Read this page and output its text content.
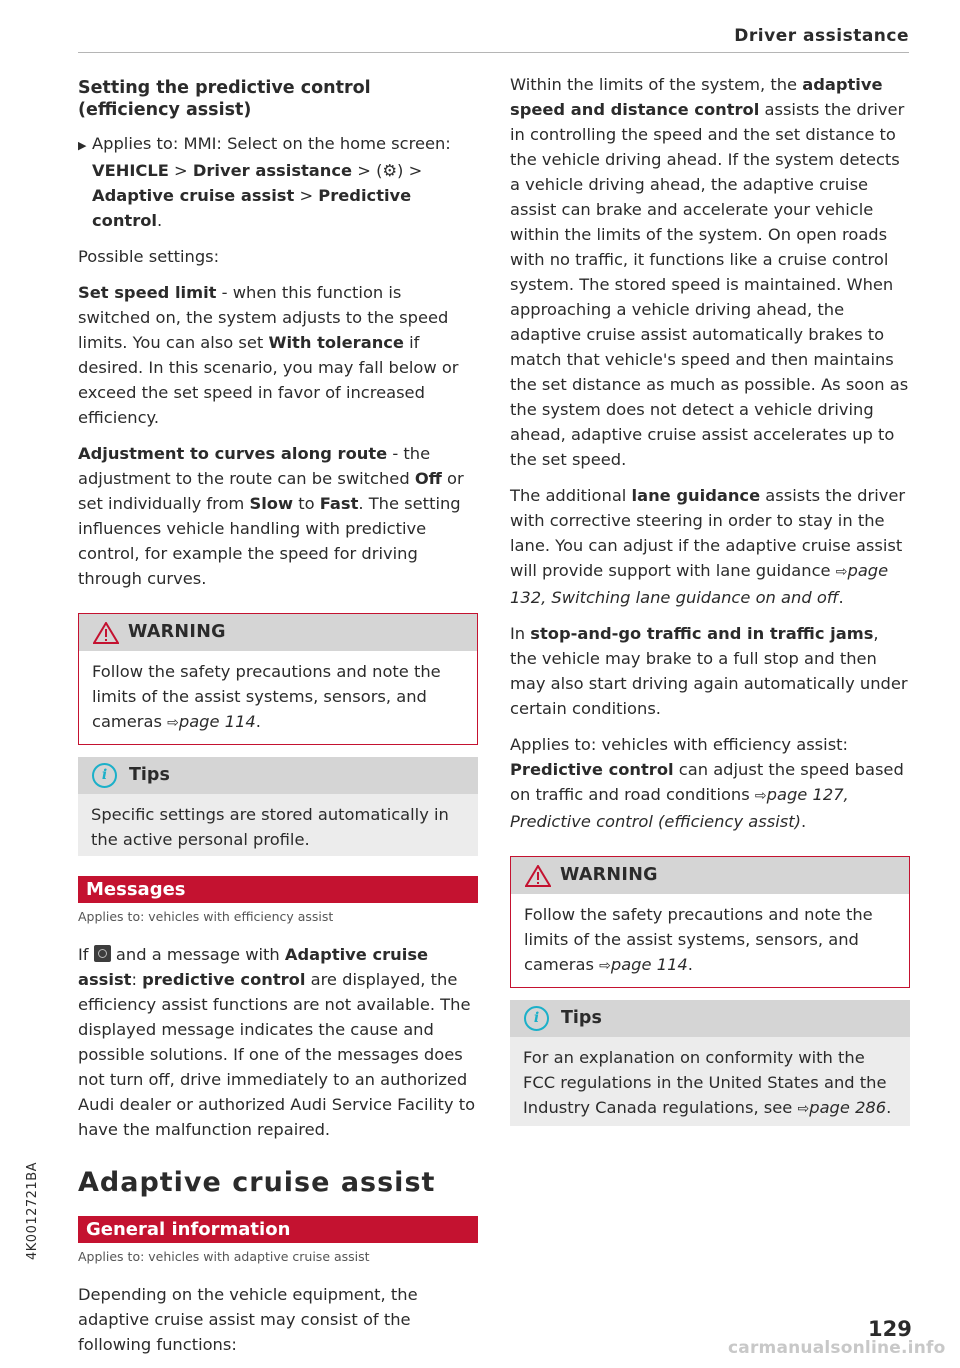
Driver assistance
Setting the predictive control (efficiency assist)

▶ Applies to: MMI: Select on the home screen: VEHICLE > Driver assistance > (⚙) > Adaptive cruise assist > Predictive control.

Possible settings:

Set speed limit - when this function is switched on, the system adjusts to the speed limits. You can also set With tolerance if desired. In this scenario, you may fall below or exceed the set speed in favor of increased efficiency.

Adjustment to curves along route - the adjustment to the route can be switched Off or set individually from Slow to Fast. The setting influences vehicle handling with predictive control, for example the speed for driving through curves.

WARNING
Follow the safety precautions and note the limits of the assist systems, sensors, and cameras ⇨page 114.
i	Tips
Specific settings are stored automatically in the active personal profile.
Messages
Applies to: vehicles with efficiency assist

If  and a message with Adaptive cruise assist: predictive control are displayed, the efficiency assist functions are not available. The displayed message indicates the cause and possible solutions. If one of the messages does not turn off, drive immediately to an authorized Audi dealer or authorized Audi Service Facility to have the malfunction repaired.

Adaptive cruise assist
General information
Applies to: vehicles with adaptive cruise assist

Depending on the vehicle equipment, the adaptive cruise assist may consist of the following functions:

Within the limits of the system, the adaptive speed and distance control assists the driver in controlling the speed and the set distance to the vehicle driving ahead. If the system detects a vehicle driving ahead, the adaptive cruise assist can brake and accelerate your vehicle within the limits of the system. On open roads with no traffic, it functions like a cruise control system. The stored speed is maintained. When approaching a vehicle driving ahead, the adaptive cruise assist automatically brakes to match that vehicle's speed and then maintains the set distance as much as possible. As soon as the system does not detect a vehicle driving ahead, adaptive cruise assist accelerates up to the set speed.

The additional lane guidance assists the driver with corrective steering in order to stay in the lane. You can adjust if the adaptive cruise assist will provide support with lane guidance ⇨page 132, Switching lane guidance on and off.

In stop-and-go traffic and in traffic jams, the vehicle may brake to a full stop and then may also start driving again automatically under certain conditions.

Applies to: vehicles with efficiency assist: Predictive control can adjust the speed based on traffic and road conditions ⇨page 127, Predictive control (efficiency assist).

WARNING
Follow the safety precautions and note the limits of the assist systems, sensors, and cameras ⇨page 114.
i	Tips
For an explanation on conformity with the FCC regulations in the United States and the Industry Canada regulations, see ⇨page 286.
4K0012721BA
129
carmanualsonline.info
